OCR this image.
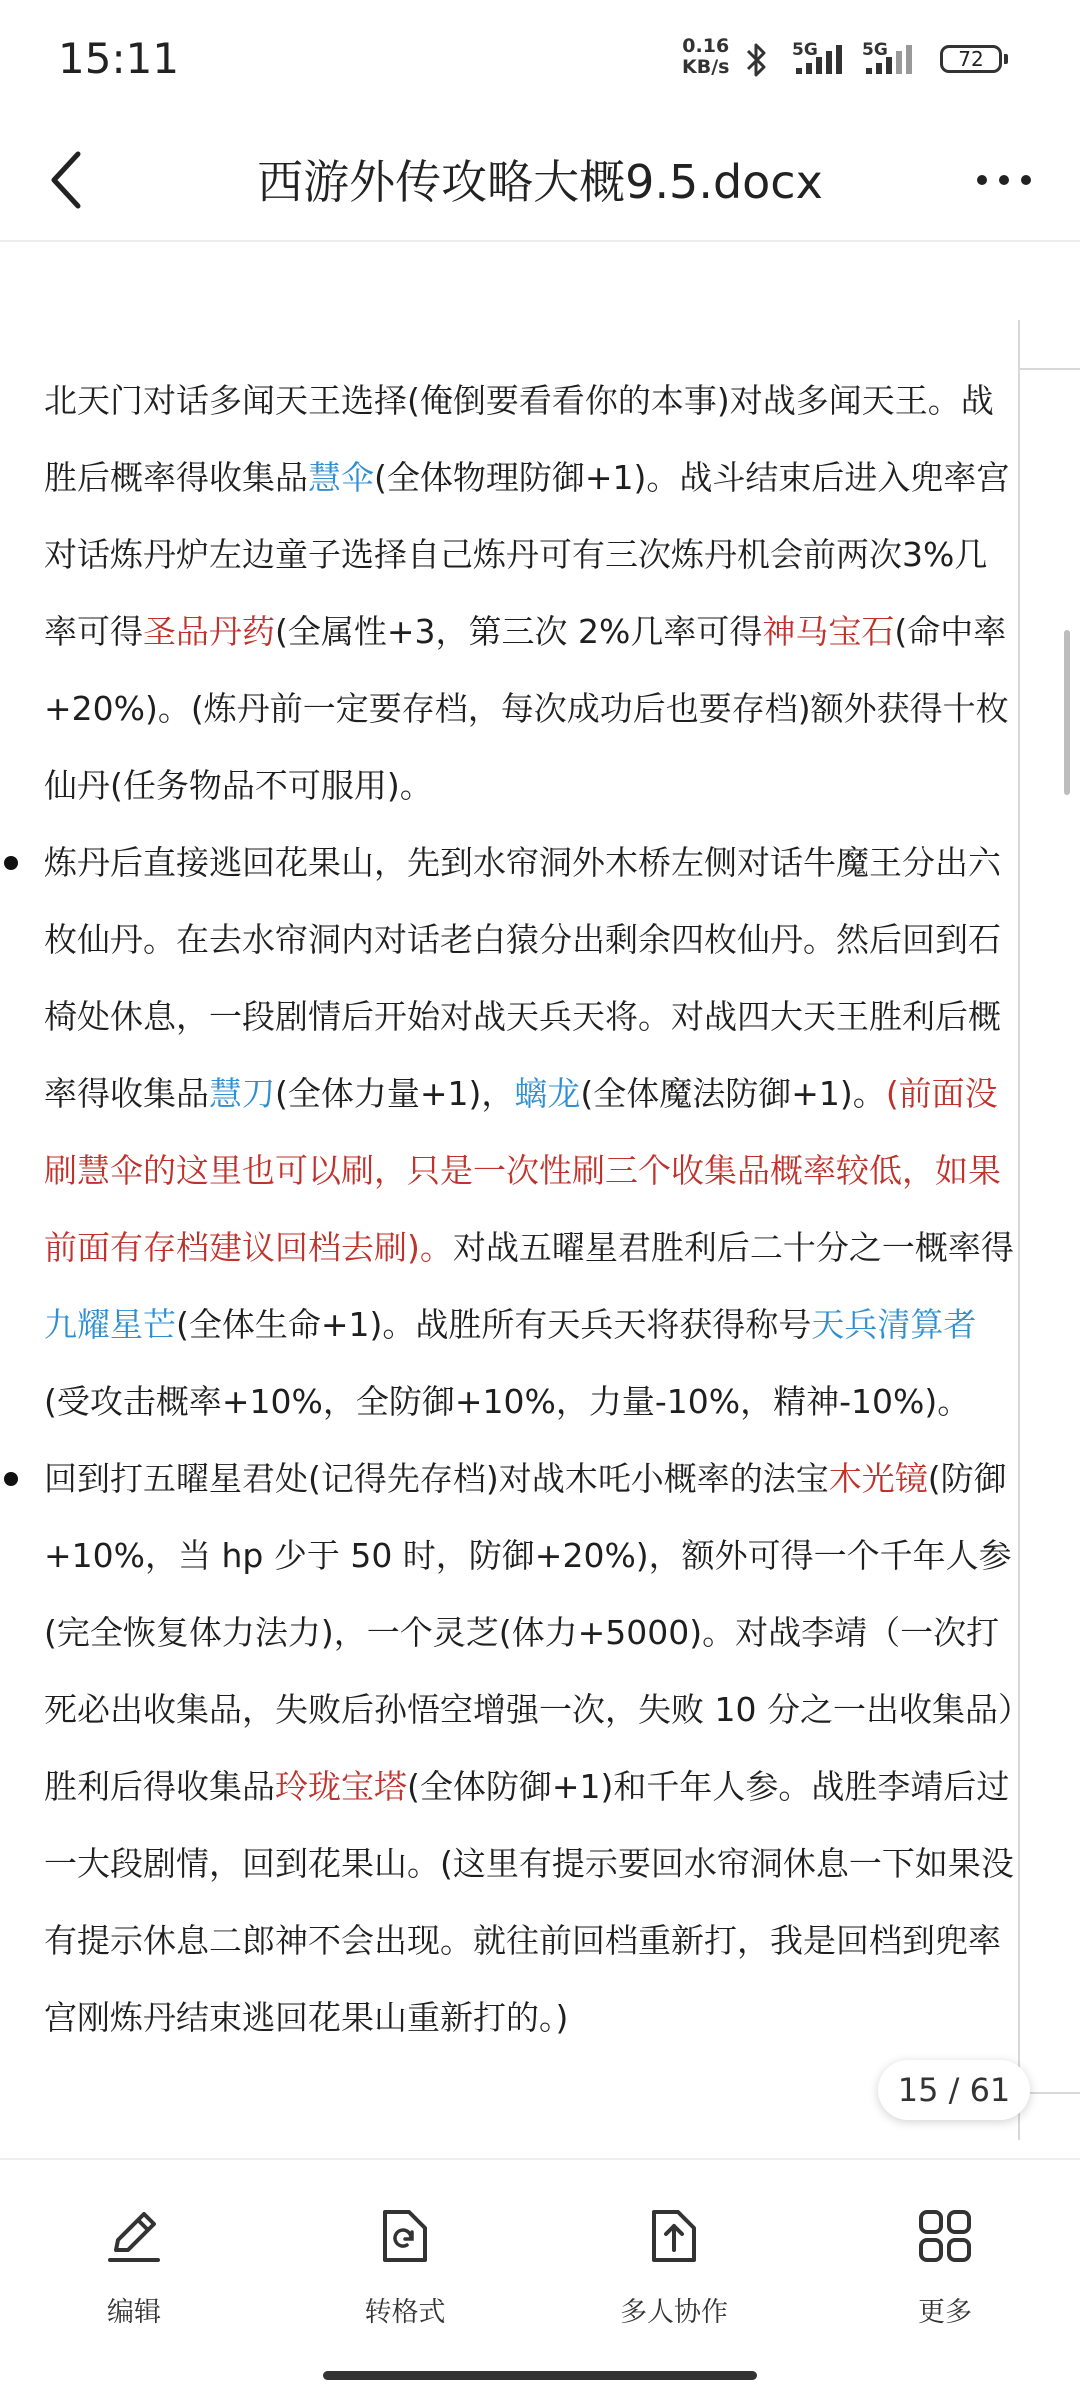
15:11	0.16
KB/s
5G	5G	72
西游外传攻略大概9.5.docx

北天门对话多闻天王选择(俺倒要看看你的本事)对战多闻天王。战胜后概率得收集品慧伞(全体物理防御+1)。战斗结束后进入兜率宫对话炼丹炉左边童子选择自己炼丹可有三次炼丹机会前两次3%几率可得圣品丹药(全属性+3，第三次 2%几率可得神马宝石(命中率+20%)。(炼丹前一定要存档，每次成功后也要存档)额外获得十枚仙丹(任务物品不可服用)。

炼丹后直接逃回花果山，先到水帘洞外木桥左侧对话牛魔王分出六枚仙丹。在去水帘洞内对话老白猿分出剩余四枚仙丹。然后回到石椅处休息，一段剧情后开始对战天兵天将。对战四大天王胜利后概率得收集品慧刀(全体力量+1)，螭龙(全体魔法防御+1)。(前面没刷慧伞的这里也可以刷，只是一次性刷三个收集品概率较低，如果前面有存档建议回档去刷)。对战五曜星君胜利后二十分之一概率得九耀星芒(全体生命+1)。战胜所有天兵天将获得称号天兵清算者(受攻击概率+10%，全防御+10%，力量-10%，精神-10%)。

回到打五曜星君处(记得先存档)对战木吒小概率的法宝木光镜(防御+10%，当 hp 少于 50 时，防御+20%)，额外可得一个千年人参(完全恢复体力法力)，一个灵芝(体力+5000)。对战李靖（一次打死必出收集品，失败后孙悟空增强一次，失败 10 分之一出收集品）胜利后得收集品玲珑宝塔(全体防御+1)和千年人参。战胜李靖后过一大段剧情，回到花果山。(这里有提示要回水帘洞休息一下如果没有提示休息二郎神不会出现。就往前回档重新打，我是回档到兜率宫刚炼丹结束逃回花果山重新打的。)

15 / 61
编辑	转格式	多人协作	更多
